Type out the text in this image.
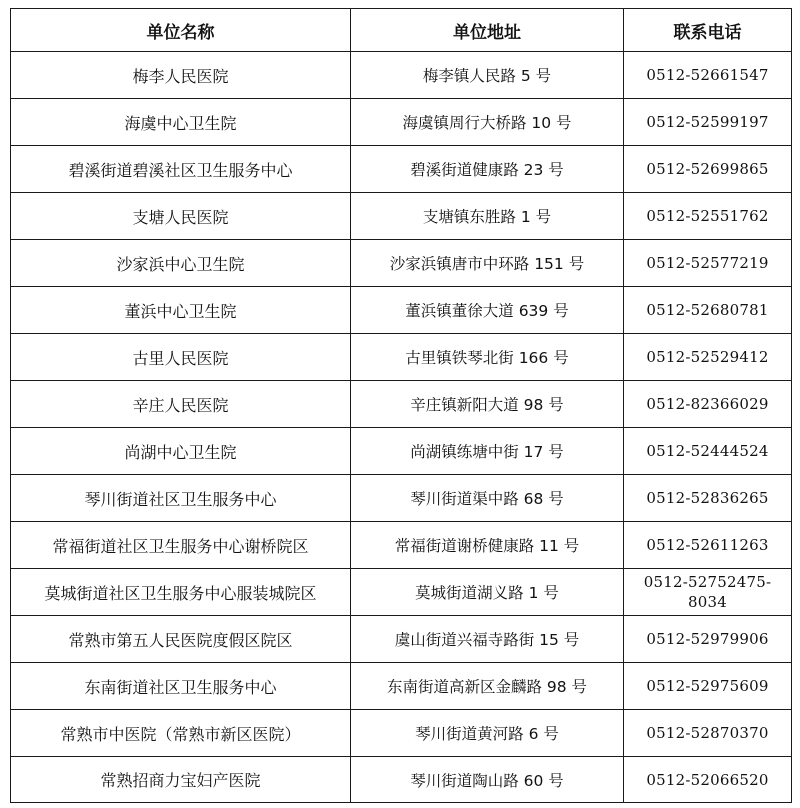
单位名称	单位地址	联系电话
梅李人民医院	梅李镇人民路 5 号	0512-52661547
海虞中心卫生院	海虞镇周行大桥路 10 号	0512-52599197
碧溪街道碧溪社区卫生服务中心	碧溪街道健康路 23 号	0512-52699865
支塘人民医院	支塘镇东胜路 1 号	0512-52551762
沙家浜中心卫生院	沙家浜镇唐市中环路 151 号	0512-52577219
董浜中心卫生院	董浜镇董徐大道 639 号	0512-52680781
古里人民医院	古里镇铁琴北街 166 号	0512-52529412
辛庄人民医院	辛庄镇新阳大道 98 号	0512-82366029
尚湖中心卫生院	尚湖镇练塘中街 17 号	0512-52444524
琴川街道社区卫生服务中心	琴川街道渠中路 68 号	0512-52836265
常福街道社区卫生服务中心谢桥院区	常福街道谢桥健康路 11 号	0512-52611263
莫城街道社区卫生服务中心服装城院区	莫城街道湖义路 1 号	0512-52752475-8034
常熟市第五人民医院度假区院区	虞山街道兴福寺路街 15 号	0512-52979906
东南街道社区卫生服务中心	东南街道高新区金麟路 98 号	0512-52975609
常熟市中医院（常熟市新区医院）	琴川街道黄河路 6 号	0512-52870370
常熟招商力宝妇产医院	琴川街道陶山路 60 号	0512-52066520
